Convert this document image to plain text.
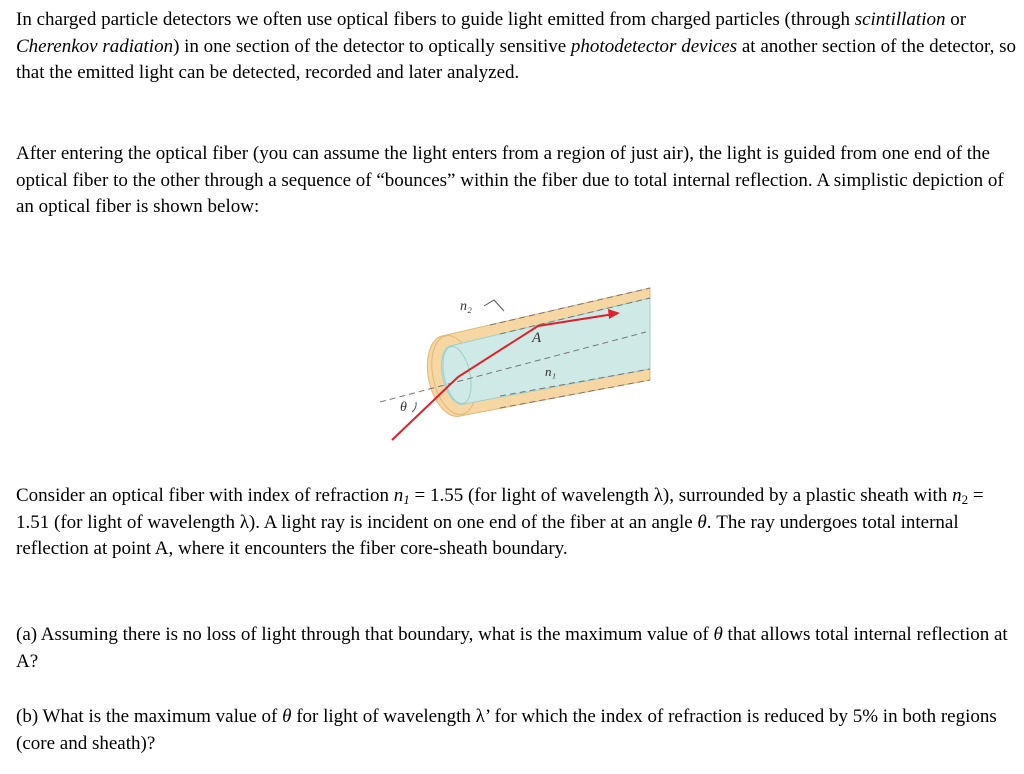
In charged particle detectors we often use optical fibers to guide light emitted from charged particles (through scintillation or Cherenkov radiation) in one section of the detector to optically sensitive photodetector devices at another section of the detector, so that the emitted light can be detected, recorded and later analyzed.

After entering the optical fiber (you can assume the light enters from a region of just air), the light is guided from one end of the optical fiber to the other through a sequence of “bounces” within the fiber due to total internal reflection. A simplistic depiction of an optical fiber is shown below:

n₂
A
n₁
θ

Consider an optical fiber with index of refraction $n_1 = 1.55$ (for light of wavelength λ), surrounded by a plastic sheath with $n_2 = 1.51$ (for light of wavelength λ). A light ray is incident on one end of the fiber at an angle θ. The ray undergoes total internal reflection at point A, where it encounters the fiber core-sheath boundary.

(a) Assuming there is no loss of light through that boundary, what is the maximum value of θ that allows total internal reflection at A?

(b) What is the maximum value of θ for light of wavelength λ’ for which the index of refraction is reduced by 5% in both regions (core and sheath)?
